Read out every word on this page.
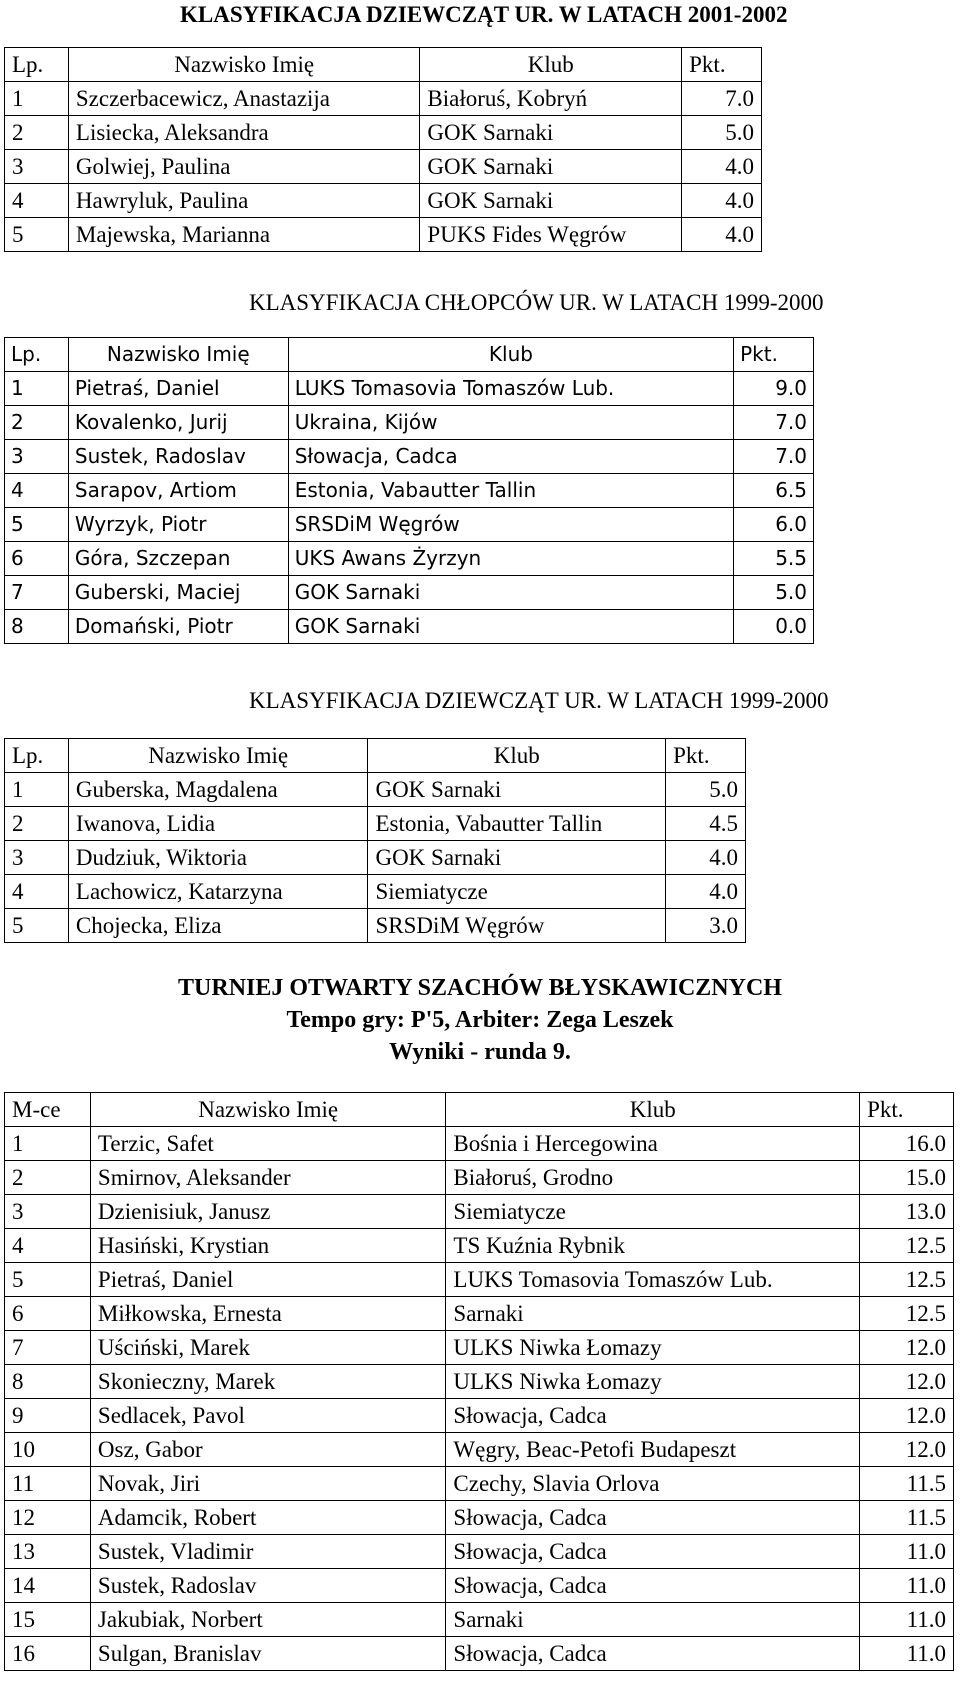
KLASYFIKACJA DZIEWCZĄT UR. W LATACH 2001-2002
Lp.	Nazwisko Imię	Klub	Pkt.
1	Szczerbacewicz, Anastazija	Białoruś, Kobryń	7.0
2	Lisiecka, Aleksandra	GOK Sarnaki	5.0
3	Golwiej, Paulina	GOK Sarnaki	4.0
4	Hawryluk, Paulina	GOK Sarnaki	4.0
5	Majewska, Marianna	PUKS Fides Węgrów	4.0
KLASYFIKACJA CHŁOPCÓW UR. W LATACH 1999-2000
Lp.	Nazwisko Imię	Klub	Pkt.
1	Pietraś, Daniel	LUKS Tomasovia Tomaszów Lub.	9.0
2	Kovalenko, Jurij	Ukraina, Kijów	7.0
3	Sustek, Radoslav	Słowacja, Cadca	7.0
4	Sarapov, Artiom	Estonia, Vabautter Tallin	6.5
5	Wyrzyk, Piotr	SRSDiM Węgrów	6.0
6	Góra, Szczepan	UKS Awans Żyrzyn	5.5
7	Guberski, Maciej	GOK Sarnaki	5.0
8	Domański, Piotr	GOK Sarnaki	0.0
KLASYFIKACJA DZIEWCZĄT UR. W LATACH 1999-2000
Lp.	Nazwisko Imię	Klub	Pkt.
1	Guberska, Magdalena	GOK Sarnaki	5.0
2	Iwanova, Lidia	Estonia, Vabautter Tallin	4.5
3	Dudziuk, Wiktoria	GOK Sarnaki	4.0
4	Lachowicz, Katarzyna	Siemiatycze	4.0
5	Chojecka, Eliza	SRSDiM Węgrów	3.0
TURNIEJ OTWARTY SZACHÓW BŁYSKAWICZNYCH
Tempo gry: P'5, Arbiter: Zega Leszek
Wyniki - runda 9.
M-ce	Nazwisko Imię	Klub	Pkt.
1	Terzic, Safet	Bośnia i Hercegowina	16.0
2	Smirnov, Aleksander	Białoruś, Grodno	15.0
3	Dzienisiuk, Janusz	Siemiatycze	13.0
4	Hasiński, Krystian	TS Kuźnia Rybnik	12.5
5	Pietraś, Daniel	LUKS Tomasovia Tomaszów Lub.	12.5
6	Miłkowska, Ernesta	Sarnaki	12.5
7	Uściński, Marek	ULKS Niwka Łomazy	12.0
8	Skonieczny, Marek	ULKS Niwka Łomazy	12.0
9	Sedlacek, Pavol	Słowacja, Cadca	12.0
10	Osz, Gabor	Węgry, Beac-Petofi Budapeszt	12.0
11	Novak, Jiri	Czechy, Slavia Orlova	11.5
12	Adamcik, Robert	Słowacja, Cadca	11.5
13	Sustek, Vladimir	Słowacja, Cadca	11.0
14	Sustek, Radoslav	Słowacja, Cadca	11.0
15	Jakubiak, Norbert	Sarnaki	11.0
16	Sulgan, Branislav	Słowacja, Cadca	11.0
